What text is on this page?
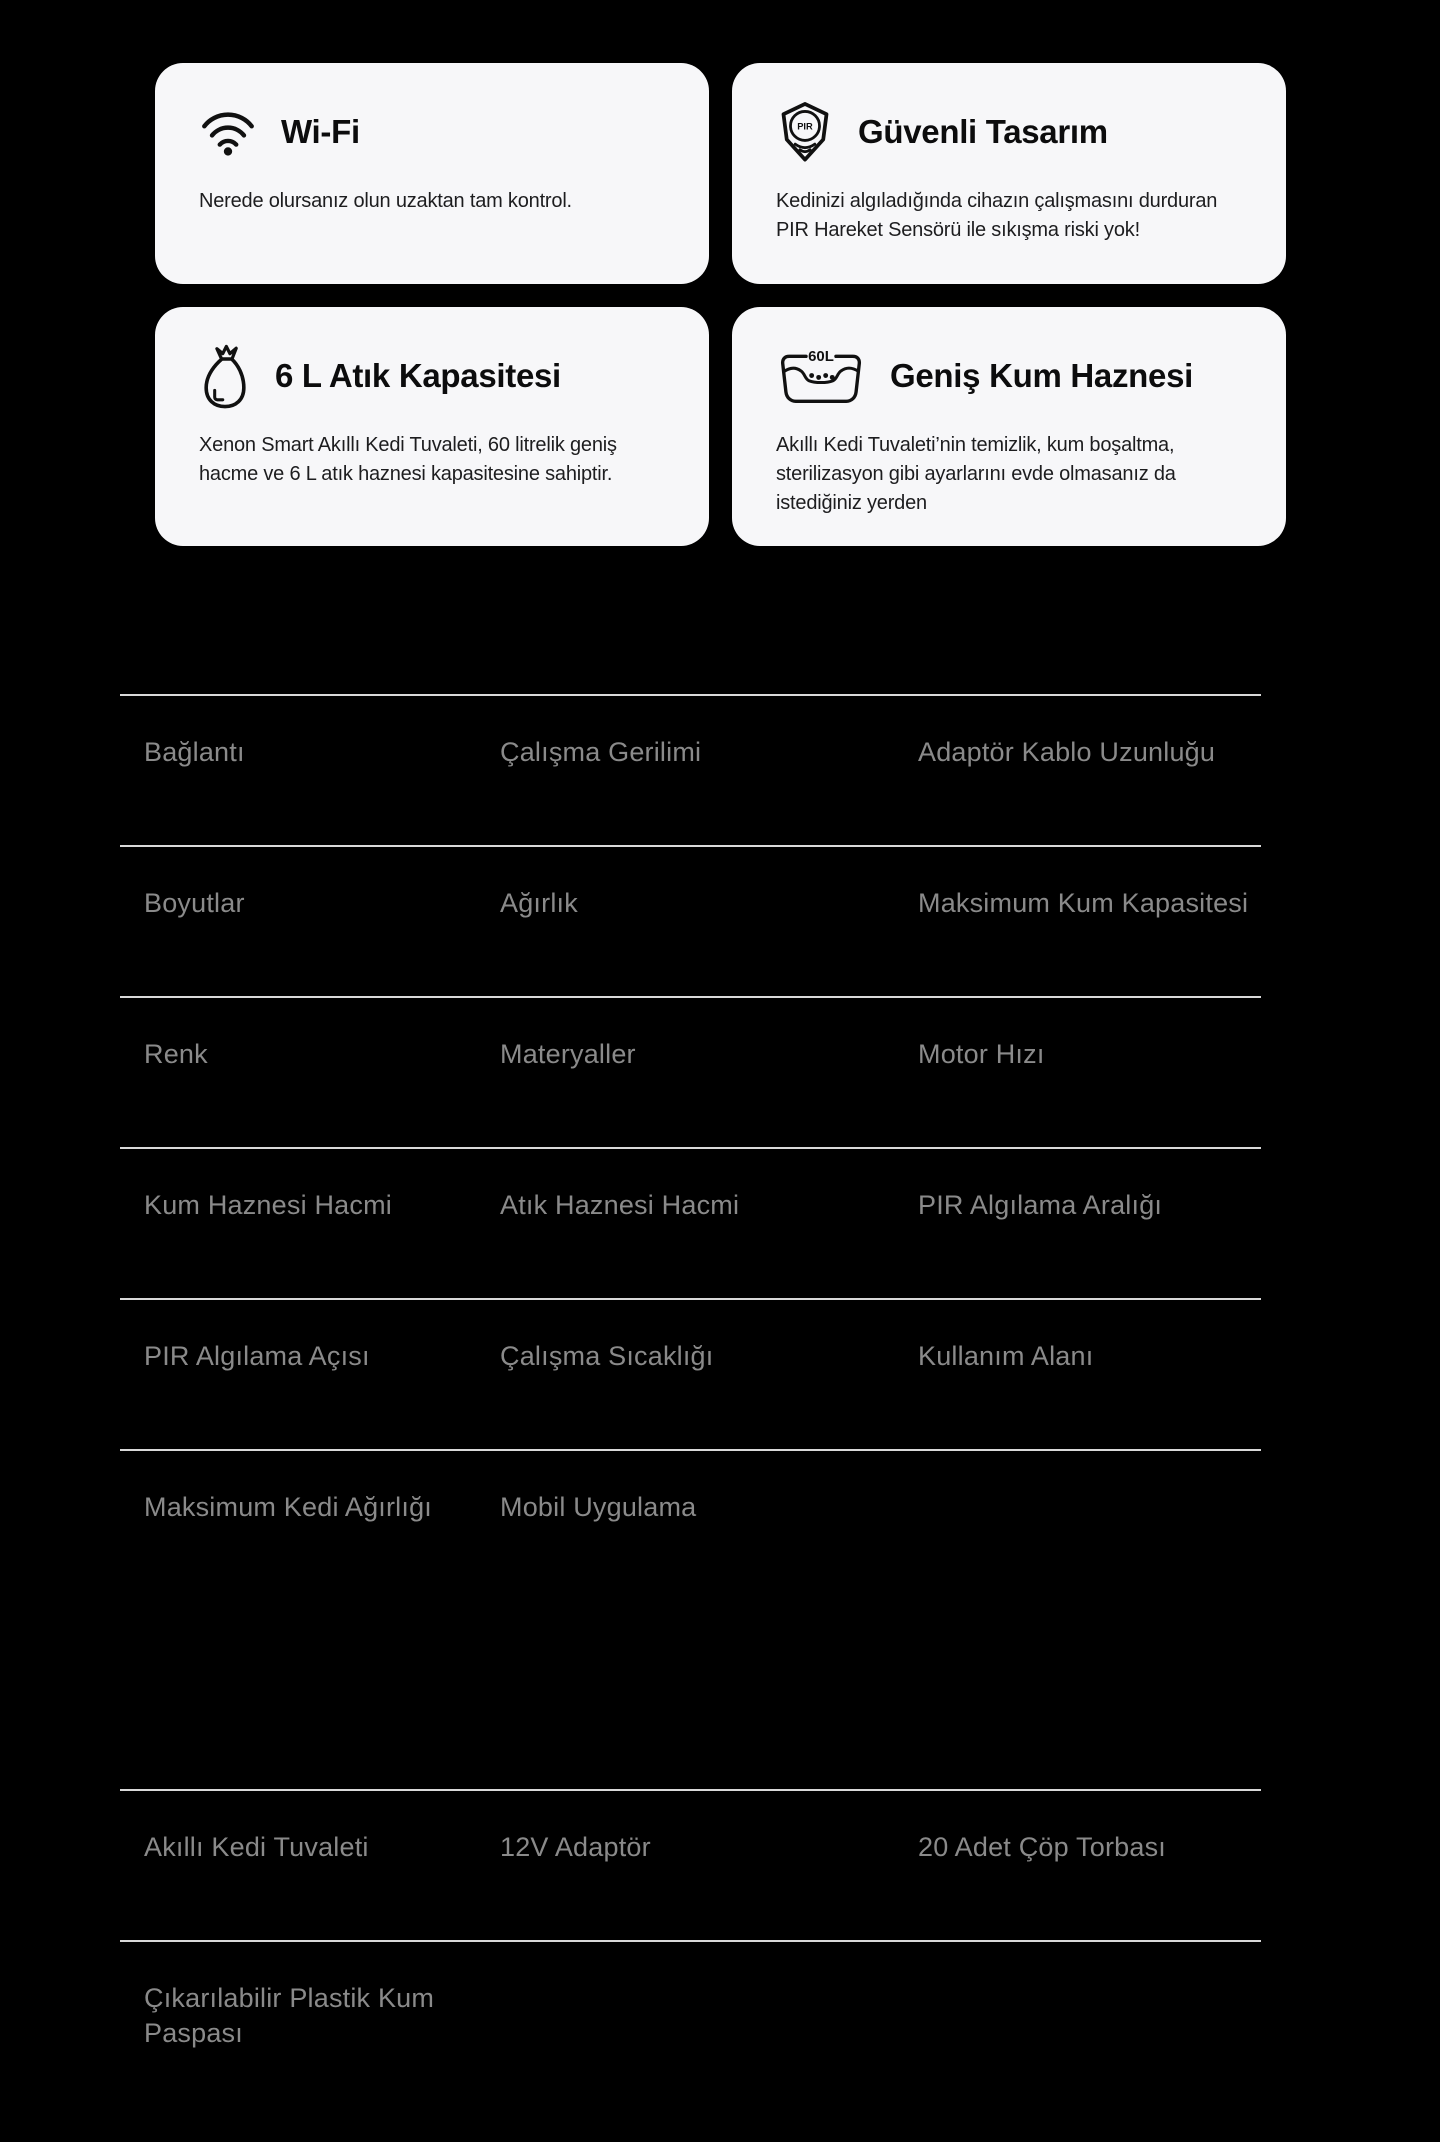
Wi-Fi

Nerede olursanız olun uzaktan tam kontrol.

PIR Güvenli Tasarım

Kedinizi algıladığında cihazın çalışmasını durduran PIR Hareket Sensörü ile sıkışma riski yok!

6 L Atık Kapasitesi

Xenon Smart Akıllı Kedi Tuvaleti, 60 litrelik geniş hacme ve 6 L atık haznesi kapasitesine sahiptir.

60L
Geniş Kum Haznesi

Akıllı Kedi Tuvaleti’nin temizlik, kum boşaltma, sterilizasyon gibi ayarlarını evde olmasanız da istediğiniz yerden

Bağlantı	Çalışma Gerilimi	Adaptör Kablo Uzunluğu
Boyutlar	Ağırlık	Maksimum Kum Kapasitesi
Renk	Materyaller	Motor Hızı
Kum Haznesi Hacmi	Atık Haznesi Hacmi	PIR Algılama Aralığı
PIR Algılama Açısı	Çalışma Sıcaklığı	Kullanım Alanı
Maksimum Kedi Ağırlığı	Mobil Uygulama
Akıllı Kedi Tuvaleti	12V Adaptör	20 Adet Çöp Torbası
Çıkarılabilir Plastik Kum Paspası
